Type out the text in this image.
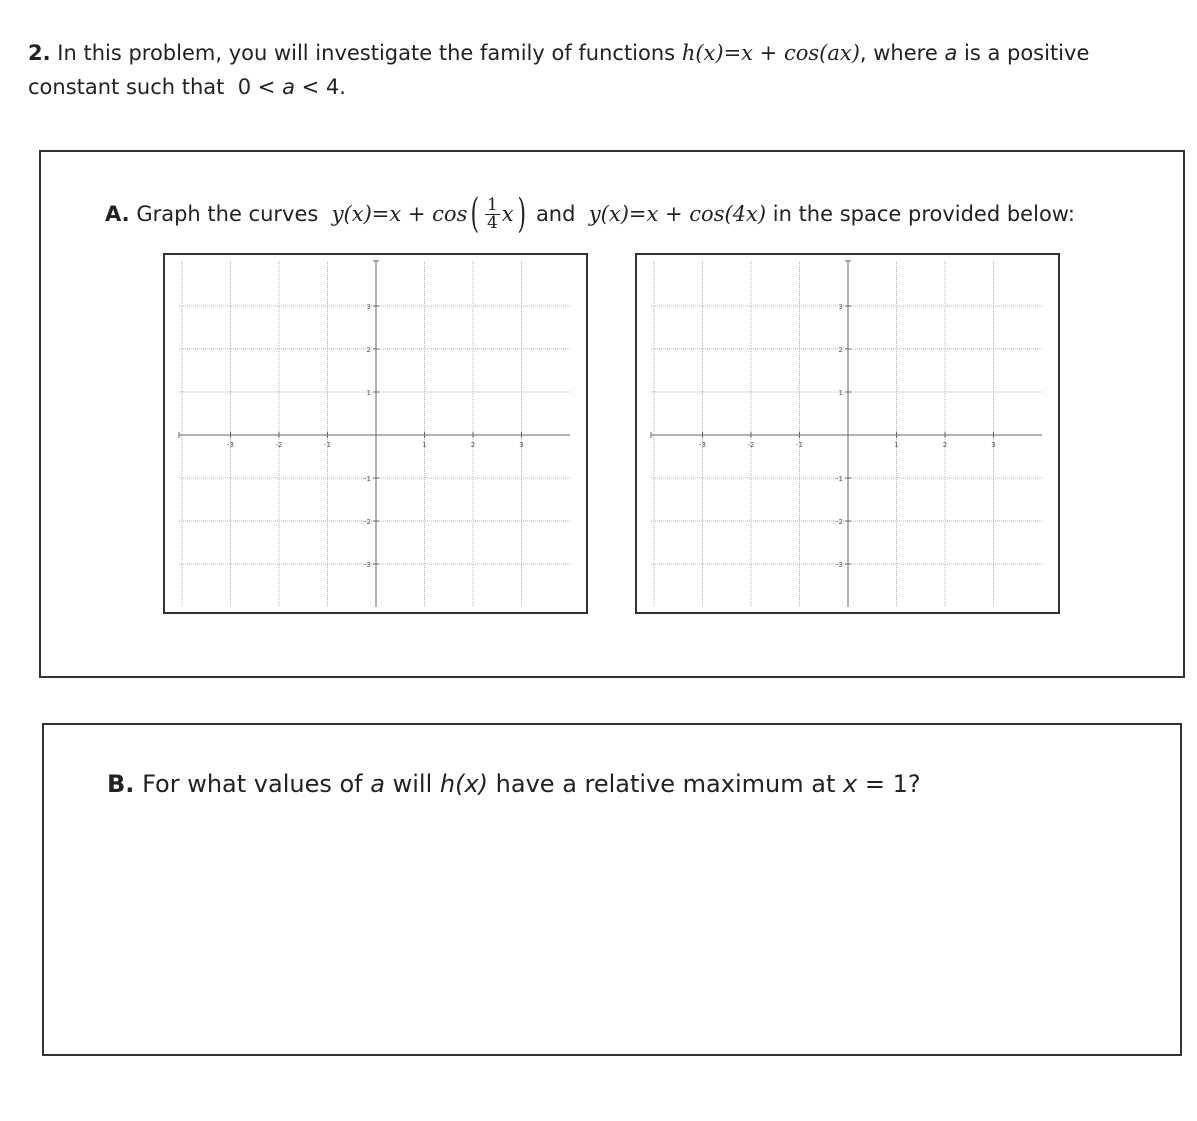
2. In this problem, you will investigate the family of functions h(x)=x + cos(ax), where a is a positive
constant such that 0 < a < 4.
A.
Graph the curves
y(x)=x + cos ( $\frac{1}{4}$ x )
and
y(x)=x + cos(4x)
in the space provided below:
-3	-2	-1	1	2	3
3
2
1
-1
-2
-3
-3	-2	-1	1	2	3
3
2
1
-1
-2
-3
B. For what values of a will h(x) have a relative maximum at x = 1?
